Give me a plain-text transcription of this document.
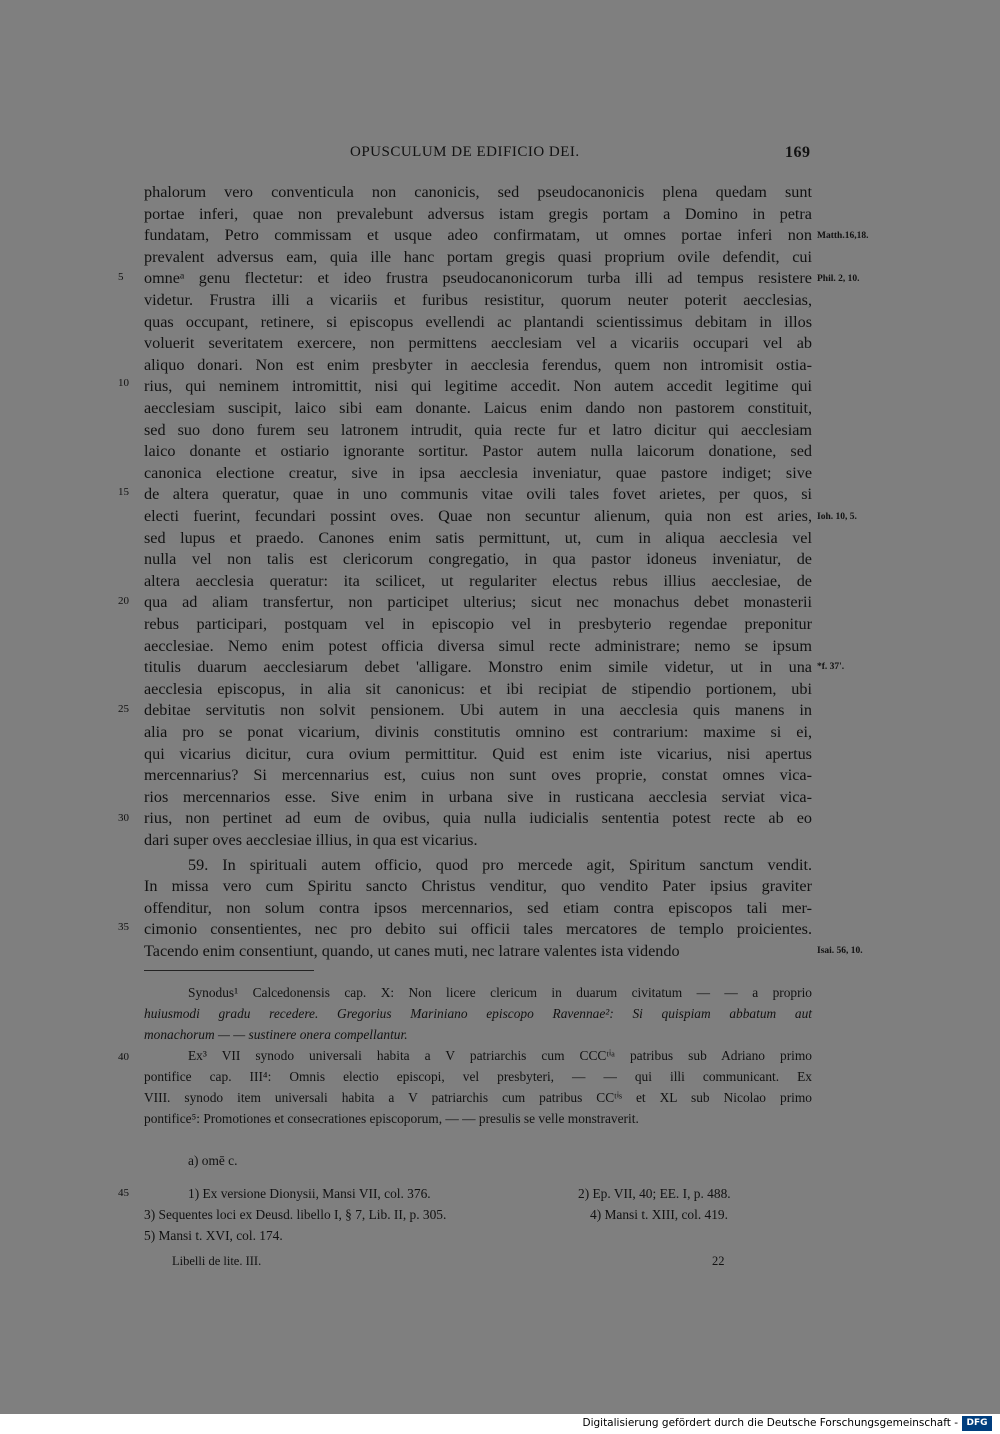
OPUSCULUM DE EDIFICIO DEI.	169
phalorum vero conventicula non canonicis, sed pseudocanonicis plena quedam sunt
portae inferi, quae non prevalebunt adversus istam gregis portam a Domino in petra
fundatam, Petro commissam et usque adeo confirmatam, ut omnes portae inferi non
prevalent adversus eam, quia ille hanc portam gregis quasi proprium ovile defendit, cui
omneᵃ genu flectetur: et ideo frustra pseudocanonicorum turba illi ad tempus resistere
videtur. Frustra illi a vicariis et furibus resistitur, quorum neuter poterit aecclesias,
quas occupant, retinere, si episcopus evellendi ac plantandi scientissimus debitam in illos
voluerit severitatem exercere, non permittens aecclesiam vel a vicariis occupari vel ab
aliquo donari. Non est enim presbyter in aecclesia ferendus, quem non intromisit ostia-
rius, qui neminem intromittit, nisi qui legitime accedit. Non autem accedit legitime qui
aecclesiam suscipit, laico sibi eam donante. Laicus enim dando non pastorem constituit,
sed suo dono furem seu latronem intrudit, quia recte fur et latro dicitur qui aecclesiam
laico donante et ostiario ignorante sortitur. Pastor autem nulla laicorum donatione, sed
canonica electione creatur, sive in ipsa aecclesia inveniatur, quae pastore indiget; sive
de altera queratur, quae in uno communis vitae ovili tales fovet arietes, per quos, si
electi fuerint, fecundari possint oves. Quae non secuntur alienum, quia non est aries,
sed lupus et praedo. Canones enim satis permittunt, ut, cum in aliqua aecclesia vel
nulla vel non talis est clericorum congregatio, in qua pastor idoneus inveniatur, de
altera aecclesia queratur: ita scilicet, ut regulariter electus rebus illius aecclesiae, de
qua ad aliam transfertur, non participet ulterius; sicut nec monachus debet monasterii
rebus participari, postquam vel in episcopio vel in presbyterio regendae preponitur
aecclesiae. Nemo enim potest officia diversa simul recte administrare; nemo se ipsum
titulis duarum aecclesiarum debet 'alligare. Monstro enim simile videtur, ut in una
aecclesia episcopus, in alia sit canonicus: et ibi recipiat de stipendio portionem, ubi
debitae servitutis non solvit pensionem. Ubi autem in una aecclesia quis manens in
alia pro se ponat vicarium, divinis constitutis omnino est contrarium: maxime si ei,
qui vicarius dicitur, cura ovium permittitur. Quid est enim iste vicarius, nisi apertus
mercennarius? Si mercennarius est, cuius non sunt oves proprie, constat omnes vica-
rios mercennarios esse. Sive enim in urbana sive in rusticana aecclesia serviat vica-
rius, non pertinet ad eum de ovibus, quia nulla iudicialis sententia potest recte ab eo
dari super oves aecclesiae illius, in qua est vicarius.
59. In spirituali autem officio, quod pro mercede agit, Spiritum sanctum vendit.
In missa vero cum Spiritu sancto Christus venditur, quo vendito Pater ipsius graviter
offenditur, non solum contra ipsos mercennarios, sed etiam contra episcopos tali mer-
cimonio consentientes, nec pro debito sui officii tales mercatores de templo proicientes.
Tacendo enim consentiunt, quando, ut canes muti, nec latrare valentes ista videndo
5
10
15
20
25
30
35
40
45
Matth.16,18.
Phil. 2, 10.
Ioh. 10, 5.
*f. 37'.
Isai. 56, 10.
Synodus¹ Calcedonensis cap. X: Non licere clericum in duarum civitatum — — a proprio
huiusmodi gradu recedere. Gregorius Mariniano episcopo Ravennae²: Si quispiam abbatum aut
monachorum — — sustinere onera compellantur.
Ex³ VII synodo universali habita a V patriarchis cum CCCᵗⁱᵃ patribus sub Adriano primo
pontifice cap. III⁴: Omnis electio episcopi, vel presbyteri, — — qui illi communicant. Ex
VIII. synodo item universali habita a V patriarchis cum patribus CCᵗⁱˢ et XL sub Nicolao primo
pontifice⁵: Promotiones et consecrationes episcoporum, — — presulis se velle monstraverit.
a) omē c.
1) Ex versione Dionysii, Mansi VII, col. 376.	2) Ep. VII, 40; EE. I, p. 488.
3) Sequentes loci ex Deusd. libello I, § 7, Lib. II, p. 305.	4) Mansi t. XIII, col. 419.
5) Mansi t. XVI, col. 174.
Libelli de lite. III.	22
Digitalisierung gefördert durch die Deutsche Forschungsgemeinschaft - DFG
